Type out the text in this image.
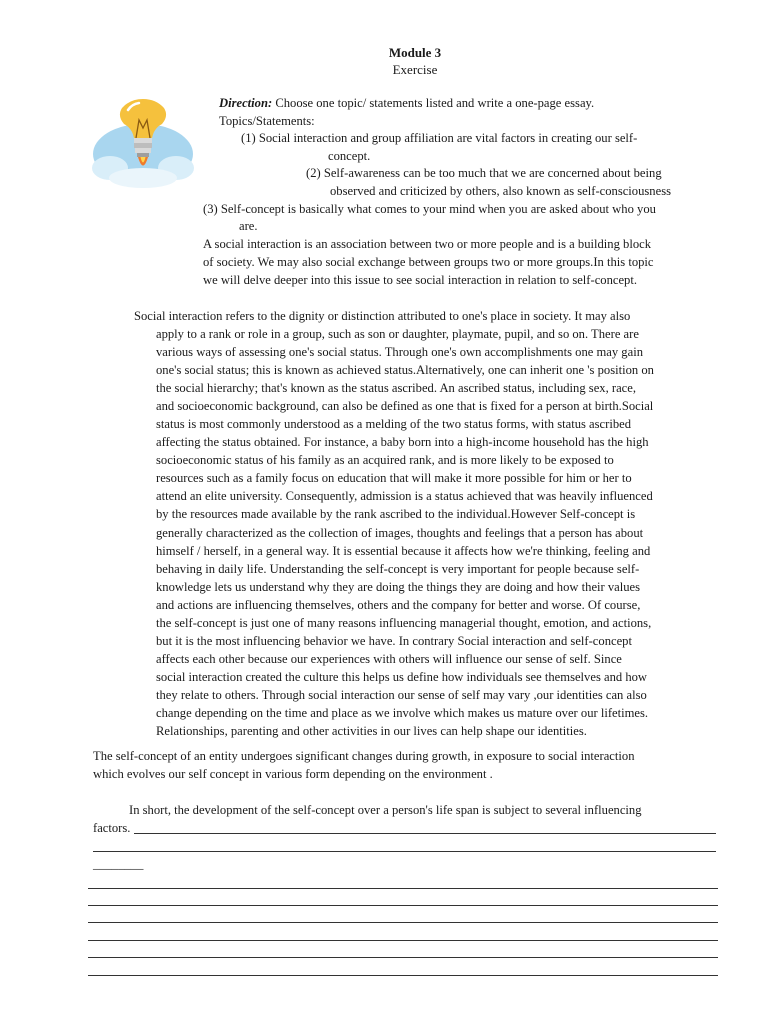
Module 3
Exercise
Direction: Choose one topic/ statements listed and write a one-page essay.
Topics/Statements:
(1) Social interaction and group affiliation are vital factors in creating our self-
concept.
(2) Self-awareness can be too much that we are concerned about being
observed and criticized by others, also known as self-consciousness
(3) Self-concept is basically what comes to your mind when you are asked about who you
are.
A social interaction is an association between two or more people and is a building block
of society. We may also social exchange between groups two or more groups.In this topic
we will delve deeper into this issue to see social interaction in relation to self-concept.
Social interaction refers to the dignity or distinction attributed to one's place in society. It may also
apply to a rank or role in a group, such as son or daughter, playmate, pupil, and so on. There are
various ways of assessing one's social status. Through one's own accomplishments one may gain
one's social status; this is known as achieved status.Alternatively, one can inherit one 's position on
the social hierarchy; that's known as the status ascribed. An ascribed status, including sex, race,
and socioeconomic background, can also be defined as one that is fixed for a person at birth.Social
status is most commonly understood as a melding of the two status forms, with status ascribed
affecting the status obtained. For instance, a baby born into a high-income household has the high
socioeconomic status of his family as an acquired rank, and is more likely to be exposed to
resources such as a family focus on education that will make it more possible for him or her to
attend an elite university. Consequently, admission is a status achieved that was heavily influenced
by the resources made available by the rank ascribed to the individual.However Self-concept is
generally characterized as the collection of images, thoughts and feelings that a person has about
himself / herself, in a general way. It is essential because it affects how we're thinking, feeling and
behaving in daily life. Understanding the self-concept is very important for people because self-
knowledge lets us understand why they are doing the things they are doing and how their values
and actions are influencing themselves, others and the company for better and worse. Of course,
the self-concept is just one of many reasons influencing managerial thought, emotion, and actions,
but it is the most influencing behavior we have. In contrary Social interaction and self-concept
affects each other because our experiences with others will influence our sense of self. Since
social interaction created the culture this helps us define how individuals see themselves and how
they relate to others. Through social interaction our sense of self may vary ,our identities can also
change depending on the time and place as we involve which makes us mature over our lifetimes.
Relationships, parenting and other activities in our lives can help shape our identities.
The self-concept of an entity undergoes significant changes during growth, in exposure to social interaction
which evolves our self concept in various form depending on the environment .
In short, the development of the self-concept over a person's life span is subject to several influencing
factors.
________
